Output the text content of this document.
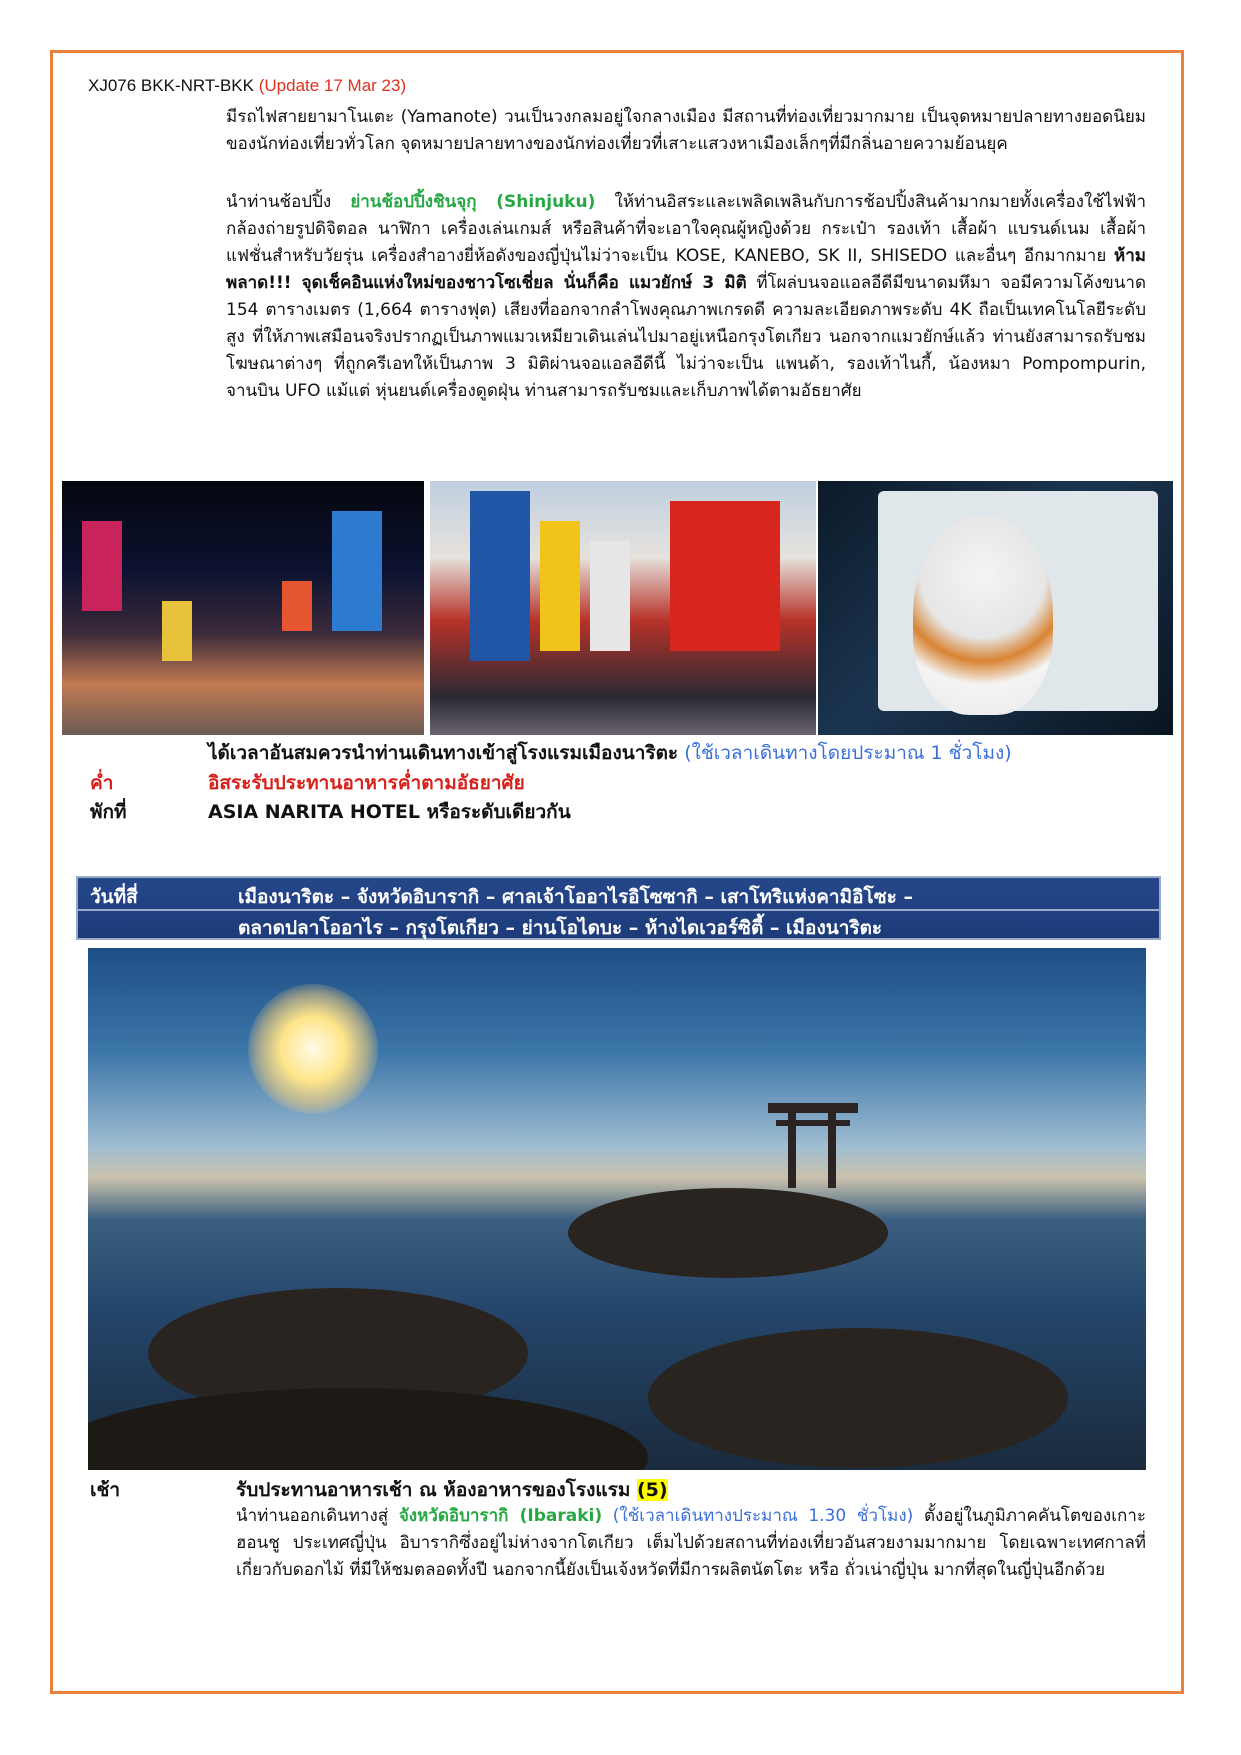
XJ076 BKK-NRT-BKK (Update 17 Mar 23)
มีรถไฟสายยามาโนเตะ (Yamanote) วนเป็นวงกลมอยู่ใจกลางเมือง มีสถานที่ท่องเที่ยวมากมาย เป็นจุดหมายปลายทางยอดนิยมของนักท่องเที่ยวทั่วโลก จุดหมายปลายทางของนักท่องเที่ยวที่เสาะแสวงหาเมืองเล็กๆที่มีกลิ่นอายความย้อนยุค
นำท่านช้อปปิ้ง ย่านช้อปปิ้งชินจุกุ (Shinjuku) ให้ท่านอิสระและเพลิดเพลินกับการช้อปปิ้งสินค้ามากมายทั้งเครื่องใช้ไฟฟ้า กล้องถ่ายรูปดิจิตอล นาฬิกา เครื่องเล่นเกมส์ หรือสินค้าที่จะเอาใจคุณผู้หญิงด้วย กระเป๋า รองเท้า เสื้อผ้า แบรนด์เนม เสื้อผ้าแฟชั่นสำหรับวัยรุ่น เครื่องสำอางยี่ห้อดังของญี่ปุ่นไม่ว่าจะเป็น KOSE, KANEBO, SK II, SHISEDO และอื่นๆ อีกมากมาย ห้ามพลาด!!! จุดเช็คอินแห่งใหม่ของชาวโซเชี่ยล นั่นก็คือ แมวยักษ์ 3 มิติ ที่โผล่บนจอแอลอีดีมีขนาดมหึมา จอมีความโค้งขนาด 154 ตารางเมตร (1,664 ตารางฟุต) เสียงที่ออกจากลำโพงคุณภาพเกรดดี ความละเอียดภาพระดับ 4K ถือเป็นเทคโนโลยีระดับสูง ที่ให้ภาพเสมือนจริงปรากฏเป็นภาพแมวเหมียวเดินเล่นไปมาอยู่เหนือกรุงโตเกียว นอกจากแมวยักษ์แล้ว ท่านยังสามารถรับชมโฆษณาต่างๆ ที่ถูกครีเอทให้เป็นภาพ 3 มิติผ่านจอแอลอีดีนี้ ไม่ว่าจะเป็น แพนด้า, รองเท้าไนกี้, น้องหมา Pompompurin, จานบิน UFO แม้แต่ หุ่นยนต์เครื่องดูดฝุ่น ท่านสามารถรับชมและเก็บภาพได้ตามอัธยาศัย
ได้เวลาอันสมควรนำท่านเดินทางเข้าสู่โรงแรมเมืองนาริตะ (ใช้เวลาเดินทางโดยประมาณ 1 ชั่วโมง)
ค่ำ	อิสระรับประทานอาหารค่ำตามอัธยาศัย
พักที่	ASIA NARITA HOTEL หรือระดับเดียวกัน
วันที่สี่	เมืองนาริตะ – จังหวัดอิบารากิ – ศาลเจ้าโออาไรอิโซซากิ – เสาโทริแห่งคามิอิโซะ –
ตลาดปลาโออาไร – กรุงโตเกียว – ย่านโอไดบะ – ห้างไดเวอร์ซิตี้ – เมืองนาริตะ
เช้า	รับประทานอาหารเช้า ณ ห้องอาหารของโรงแรม (5)
นำท่านออกเดินทางสู่ จังหวัดอิบารากิ (Ibaraki) (ใช้เวลาเดินทางประมาณ 1.30 ชั่วโมง) ตั้งอยู่ในภูมิภาคคันโตของเกาะฮอนชู ประเทศญี่ปุ่น อิบารากิซึ่งอยู่ไม่ห่างจากโตเกียว เต็มไปด้วยสถานที่ท่องเที่ยวอันสวยงามมากมาย โดยเฉพาะเทศกาลที่เกี่ยวกับดอกไม้ ที่มีให้ชมตลอดทั้งปี นอกจากนี้ยังเป็นเจ้งหวัดที่มีการผลิตนัตโตะ หรือ ถั่วเน่าญี่ปุ่น มากที่สุดในญี่ปุ่นอีกด้วย
